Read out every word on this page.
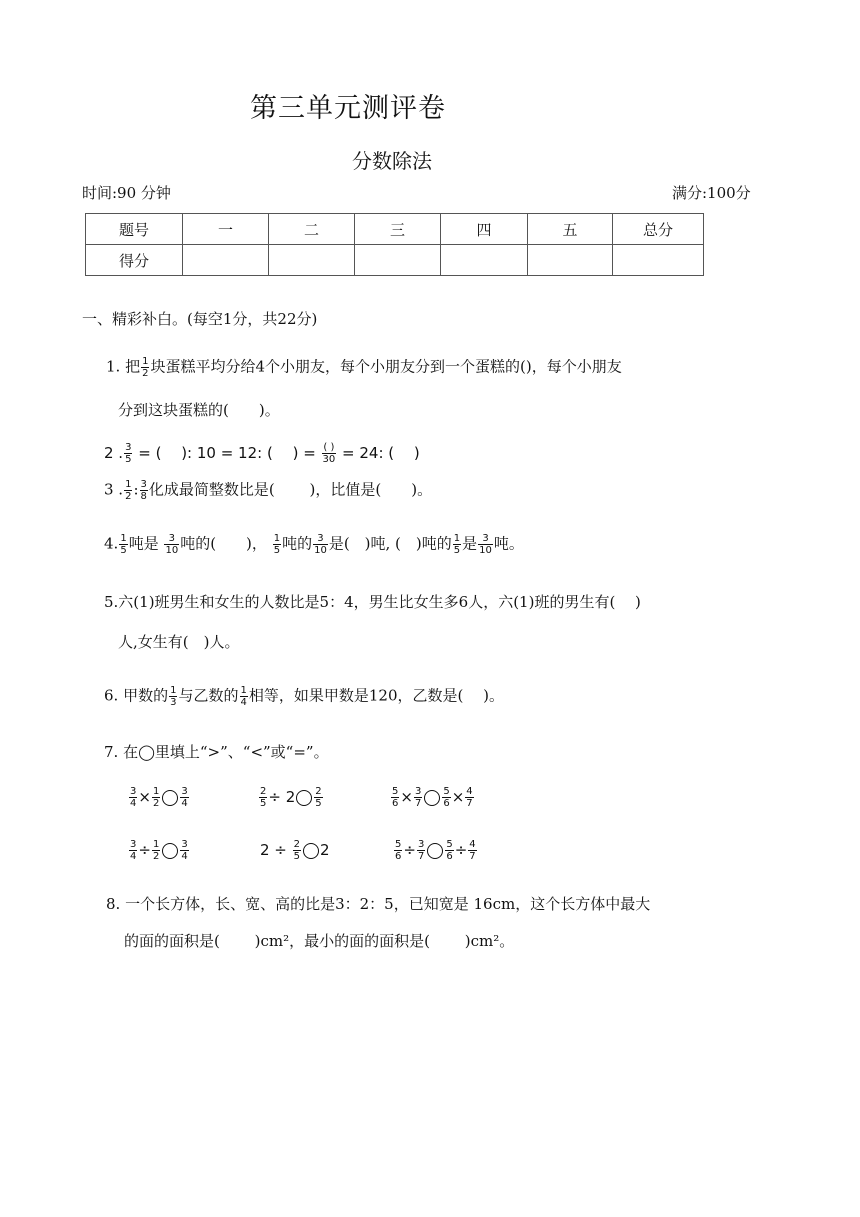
第三单元测评卷
分数除法
时间:90 分钟	满分:100分
题号	一	二	三	四	五	总分
得分						
一、精彩补白。(每空1分，共22分)
1. 把 $\frac{1}{2}$ 块蛋糕平均分给4个小朋友，每个小朋友分到一个蛋糕的()，每个小朋友
分到这块蛋糕的(　　)。
2 . $\frac{3}{5}$ = (　 ): 10 = 12: (　 ) = $\frac{( )}{30} = 24$: (　 )
3 . $\frac{1}{2}$ : $\frac{3}{8}$ 化成最简整数比是(　　 )，比值是(　　)。
4. $\frac{1}{5}$ 吨是 $\frac{3}{10}$ 吨的(　　)， $\frac{1}{5}$ 吨的 $\frac{3}{10}$ 是(　)吨, (　)吨的 $\frac{1}{5}$ 是 $\frac{3}{10}$ 吨。
5.六(1)班男生和女生的人数比是5：4，男生比女生多6人，六(1)班的男生有(　 )
人,女生有(　)人。
6. 甲数的 $\frac{1}{3}$ 与乙数的 $\frac{1}{4}$ 相等，如果甲数是120，乙数是(　 )。
7. 在◯里填上“>”、“<”或“=”。
$\frac{3}{4} \times \frac{1}{2} \frac{3}{4}$	$\frac{2}{5} \div 2 \frac{2}{5}$	$\frac{5}{6} \times \frac{3}{7} \frac{5}{6} \times \frac{4}{7}$
$\frac{3}{4} \div \frac{1}{2} \frac{3}{4}$	$2 \div \frac{2}{5} 2$	$\frac{5}{6} \div \frac{3}{7} \frac{5}{6} \div \frac{4}{7}$
8. 一个长方体，长、宽、高的比是3：2：5，已知宽是 16cm，这个长方体中最大
的面的面积是(　　 )cm²，最小的面的面积是(　　 )cm²。
